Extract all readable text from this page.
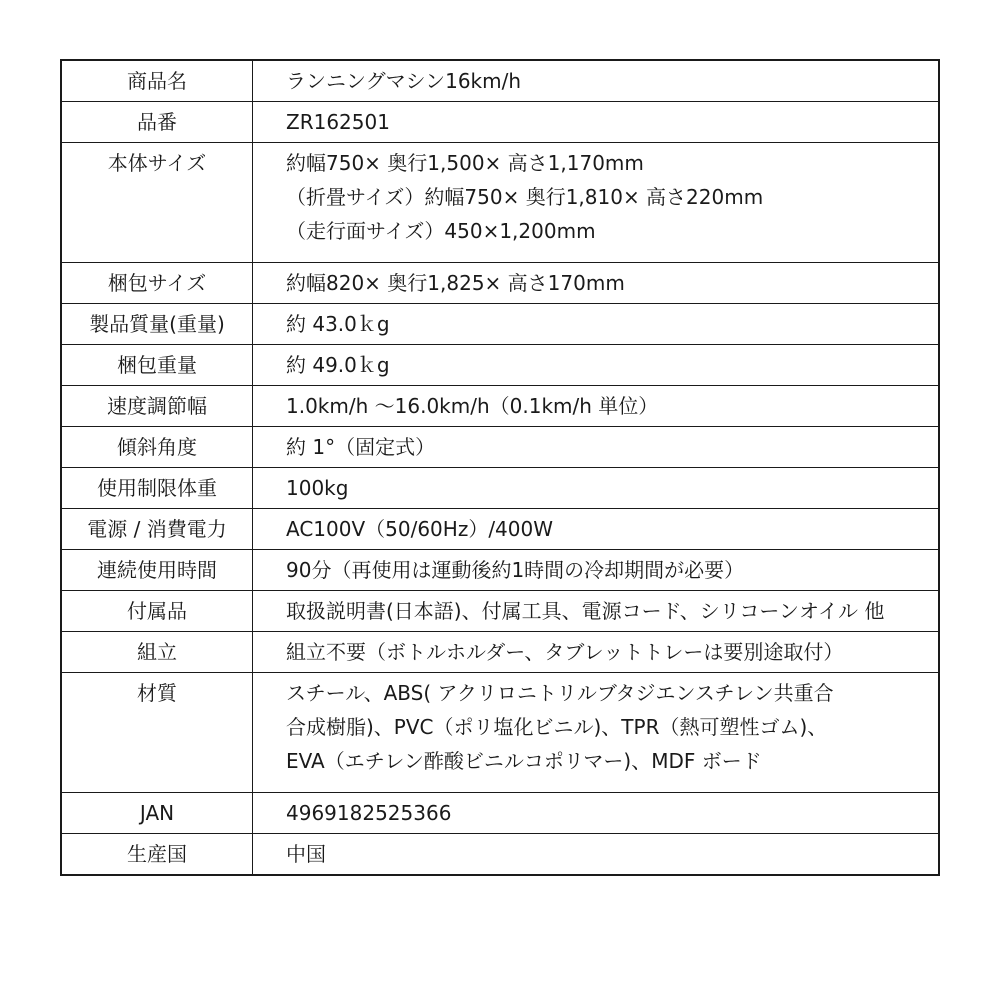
商品名	ランニングマシン16km/h

品番	ZR162501

本体サイズ	約幅750× 奥行1,500× 高さ1,170mm
（折畳サイズ）約幅750× 奥行1,810× 高さ220mm
（走行面サイズ）450×1,200mm

梱包サイズ	約幅820× 奥行1,825× 高さ170mm

製品質量(重量)	約 43.0ｋg

梱包重量	約 49.0ｋg

速度調節幅	1.0km/h ～16.0km/h（0.1km/h 単位）

傾斜角度	約 1°（固定式）

使用制限体重	100kg

電源 / 消費電力	AC100V（50/60Hz）/400W

連続使用時間	90分（再使用は運動後約1時間の冷却期間が必要）

付属品	取扱説明書(日本語)、付属工具、電源コード、シリコーンオイル 他

組立	組立不要（ボトルホルダー、タブレットトレーは要別途取付）

材質	スチール、ABS( アクリロニトリルブタジエンスチレン共重合
合成樹脂)、PVC（ポリ塩化ビニル)、TPR（熱可塑性ゴム)、
EVA（エチレン酢酸ビニルコポリマー)、MDF ボード

JAN	4969182525366

生産国	中国
